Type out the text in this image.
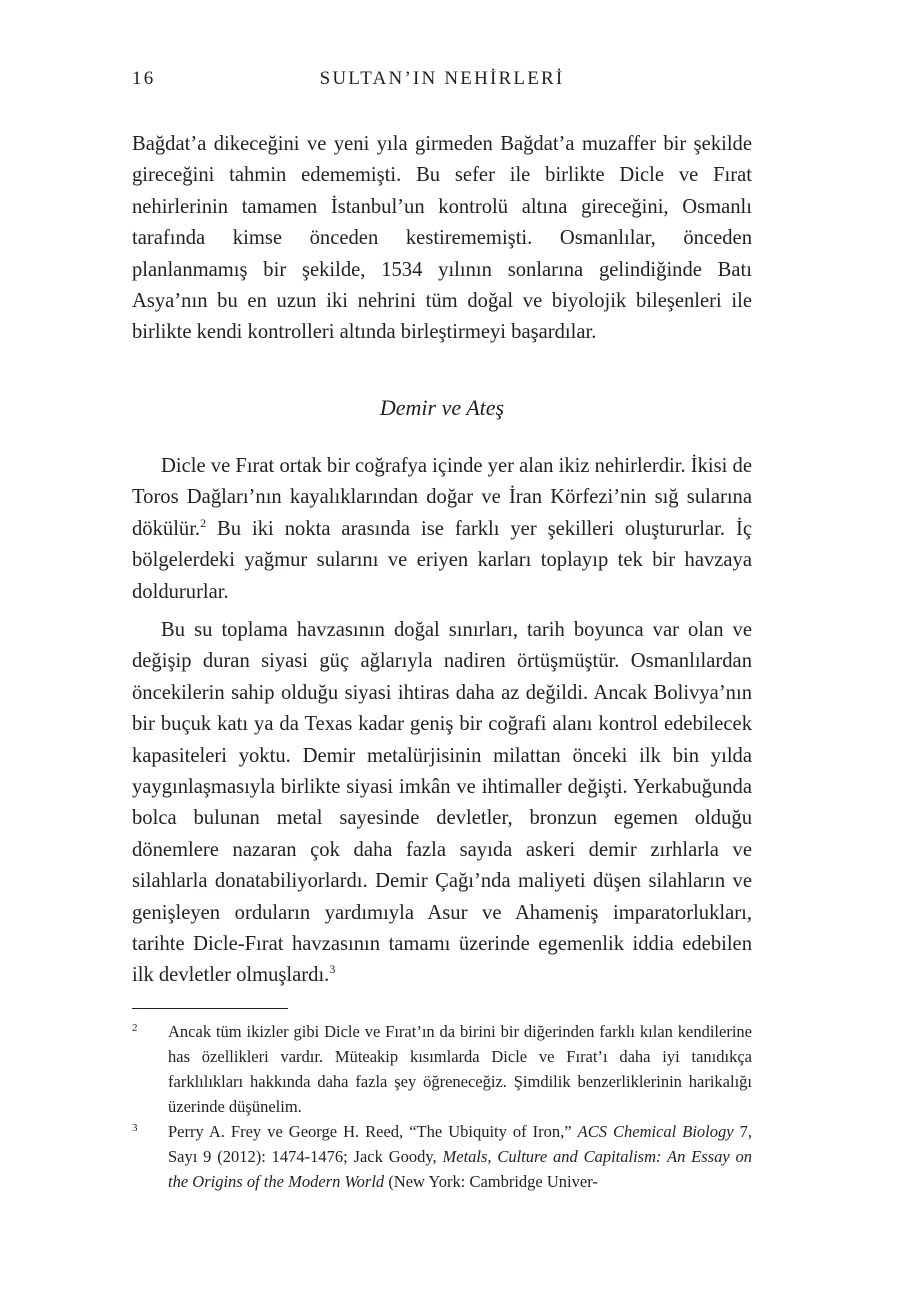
16	SULTAN’IN NEHİRLERİ

Bağdat’a dikeceğini ve yeni yıla girmeden Bağdat’a muzaffer bir şekilde gireceğini tahmin edememişti. Bu sefer ile birlikte Dicle ve Fırat nehirlerinin tamamen İstanbul’un kontrolü altına gireceğini, Osmanlı tarafında kimse önceden kestirememişti. Osmanlılar, önceden planlanmamış bir şekilde, 1534 yılının sonlarına gelindiğinde Batı Asya’nın bu en uzun iki nehrini tüm doğal ve biyolojik bileşenleri ile birlikte kendi kontrolleri altında birleştirmeyi başardılar.

Demir ve Ateş

Dicle ve Fırat ortak bir coğrafya içinde yer alan ikiz nehirlerdir. İkisi de Toros Dağları’nın kayalıklarından doğar ve İran Körfezi’nin sığ sularına dökülür.$^2$ Bu iki nokta arasında ise farklı yer şekilleri oluştururlar. İç bölgelerdeki yağmur sularını ve eriyen karları toplayıp tek bir havzaya doldururlar.

Bu su toplama havzasının doğal sınırları, tarih boyunca var olan ve değişip duran siyasi güç ağlarıyla nadiren örtüşmüştür. Osmanlılardan öncekilerin sahip olduğu siyasi ihtiras daha az değildi. Ancak Bolivya’nın bir buçuk katı ya da Texas kadar geniş bir coğrafi alanı kontrol edebilecek kapasiteleri yoktu. Demir metalürjisinin milattan önceki ilk bin yılda yaygınlaşmasıyla birlikte siyasi imkân ve ihtimaller değişti. Yerkabuğunda bolca bulunan metal sayesinde devletler, bronzun egemen olduğu dönemlere nazaran çok daha fazla sayıda askeri demir zırhlarla ve silahlarla donatabiliyorlardı. Demir Çağı’nda maliyeti düşen silahların ve genişleyen orduların yardımıyla Asur ve Ahameniş imparatorlukları, tarihte Dicle-Fırat havzasının tamamı üzerinde egemenlik iddia edebilen ilk devletler olmuşlardı.$^3$

2 Ancak tüm ikizler gibi Dicle ve Fırat’ın da birini bir diğerinden farklı kılan kendilerine has özellikleri vardır. Müteakip kısımlarda Dicle ve Fırat’ı daha iyi tanıdıkça farklılıkları hakkında daha fazla şey öğreneceğiz. Şimdilik benzerliklerinin harikalığı üzerinde düşünelim.

3 Perry A. Frey ve George H. Reed, “The Ubiquity of Iron,” ACS Chemical Biology 7, Sayı 9 (2012): 1474-1476; Jack Goody, Metals, Culture and Capitalism: An Essay on the Origins of the Modern World (New York: Cambridge Univer-
